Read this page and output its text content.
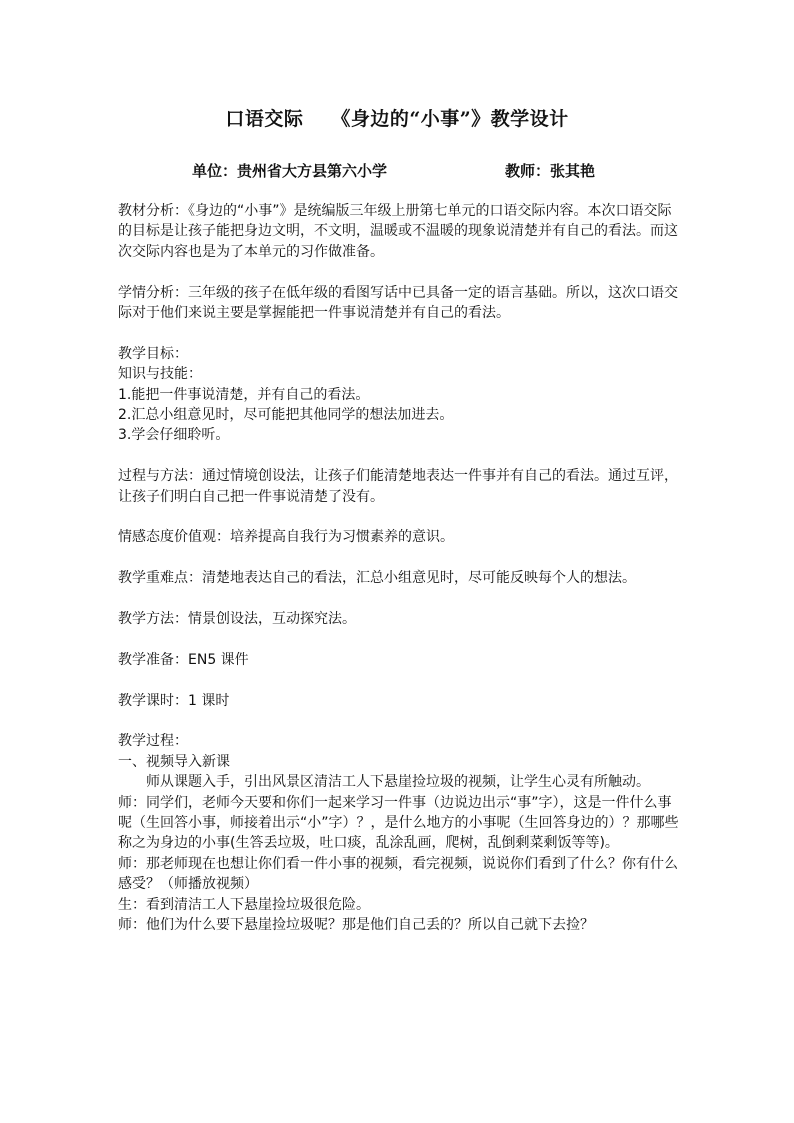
口语交际 《身边的“小事”》教学设计
单位：贵州省大方县第六小学	教师：张其艳

教材分析：《身边的“小事”》是统编版三年级上册第七单元的口语交际内容。本次口语交际的目标是让孩子能把身边文明，不文明，温暖或不温暖的现象说清楚并有自己的看法。而这次交际内容也是为了本单元的习作做准备。

学情分析：三年级的孩子在低年级的看图写话中已具备一定的语言基础。所以，这次口语交际对于他们来说主要是掌握能把一件事说清楚并有自己的看法。

教学目标：

知识与技能：

1.能把一件事说清楚，并有自己的看法。

2.汇总小组意见时，尽可能把其他同学的想法加进去。

3.学会仔细聆听。

过程与方法：通过情境创设法，让孩子们能清楚地表达一件事并有自己的看法。通过互评，让孩子们明白自己把一件事说清楚了没有。

情感态度价值观：培养提高自我行为习惯素养的意识。

教学重难点：清楚地表达自己的看法，汇总小组意见时，尽可能反映每个人的想法。

教学方法：情景创设法，互动探究法。

教学准备：EN5 课件

教学课时：1 课时

教学过程：

一、视频导入新课

师从课题入手，引出风景区清洁工人下悬崖捡垃圾的视频，让学生心灵有所触动。

师：同学们，老师今天要和你们一起来学习一件事（边说边出示“事”字），这是一件什么事呢（生回答小事，师接着出示“小”字）？，是什么地方的小事呢（生回答身边的）？那哪些称之为身边的小事(生答丢垃圾，吐口痰，乱涂乱画，爬树，乱倒剩菜剩饭等等)。

师：那老师现在也想让你们看一件小事的视频，看完视频，说说你们看到了什么？你有什么感受？（师播放视频）

生：看到清洁工人下悬崖捡垃圾很危险。

师：他们为什么要下悬崖捡垃圾呢？那是他们自己丢的？所以自己就下去捡？
